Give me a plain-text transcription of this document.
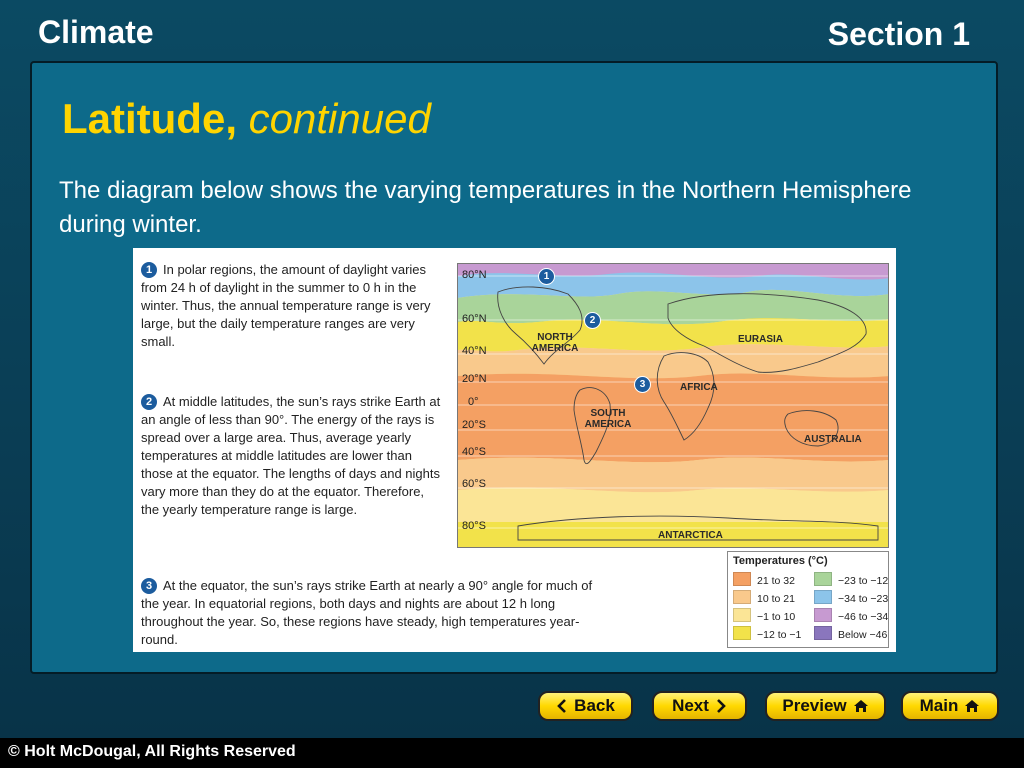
Climate	Section 1
Latitude, continued
The diagram below shows the varying temperatures in the Northern Hemisphere during winter.
1 In polar regions, the amount of daylight varies from 24 h of daylight in the summer to 0 h in the winter. Thus, the annual temperature range is very large, but the daily temperature ranges are very small.
2 At middle latitudes, the sun’s rays strike Earth at an angle of less than 90°. The energy of the rays is spread over a large area. Thus, average yearly temperatures at middle latitudes are lower than those at the equator. The lengths of days and nights vary more than they do at the equator. Therefore, the yearly temperature range is large.
3 At the equator, the sun’s rays strike Earth at nearly a 90° angle for much of the year. In equatorial regions, both days and nights are about 12 h long throughout the year. So, these regions have steady, high temperatures year-round.
80°N
60°N
40°N
20°N
0°
20°S
40°S
60°S
80°S
NORTH AMERICA
EURASIA
AFRICA
SOUTH AMERICA
AUSTRALIA
ANTARCTICA
1
2
3
Temperatures (°C)
21 to 32
10 to 21
−1 to 10
−12 to −1
−23 to −12
−34 to −23
−46 to −34
Below −46
Back	Next	Preview	Main
© Holt McDougal, All Rights Reserved
